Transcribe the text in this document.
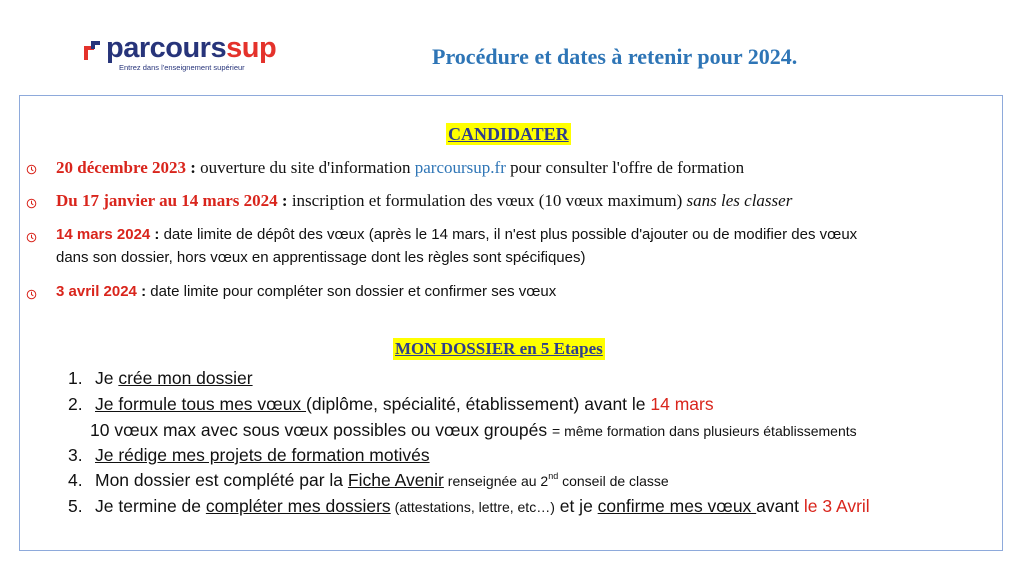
parcourssup
Entrez dans l'enseignement supérieur	Procédure et dates à retenir pour 2024.
CANDIDATER
20 décembre 2023 : ouverture du site d'information parcoursup.fr pour consulter l'offre de formation
Du 17 janvier au 14 mars 2024 : inscription et formulation des vœux (10 vœux maximum) sans les classer
14 mars 2024 : date limite de dépôt des vœux (après le 14 mars, il n'est plus possible d'ajouter ou de modifier des vœux
dans son dossier, hors vœux en apprentissage dont les règles sont spécifiques)
3 avril 2024 : date limite pour compléter son dossier et confirmer ses vœux
MON DOSSIER en 5 Etapes
1. Je crée mon dossier
2. Je formule tous mes vœux (diplôme, spécialité, établissement) avant le 14 mars
10 vœux max avec sous vœux possibles ou vœux groupés = même formation dans plusieurs établissements
3. Je rédige mes projets de formation motivés
4. Mon dossier est complété par la Fiche Avenir renseignée au 2nd conseil de classe
5. Je termine de compléter mes dossiers (attestations, lettre, etc…) et je confirme mes vœux avant le 3 Avril
